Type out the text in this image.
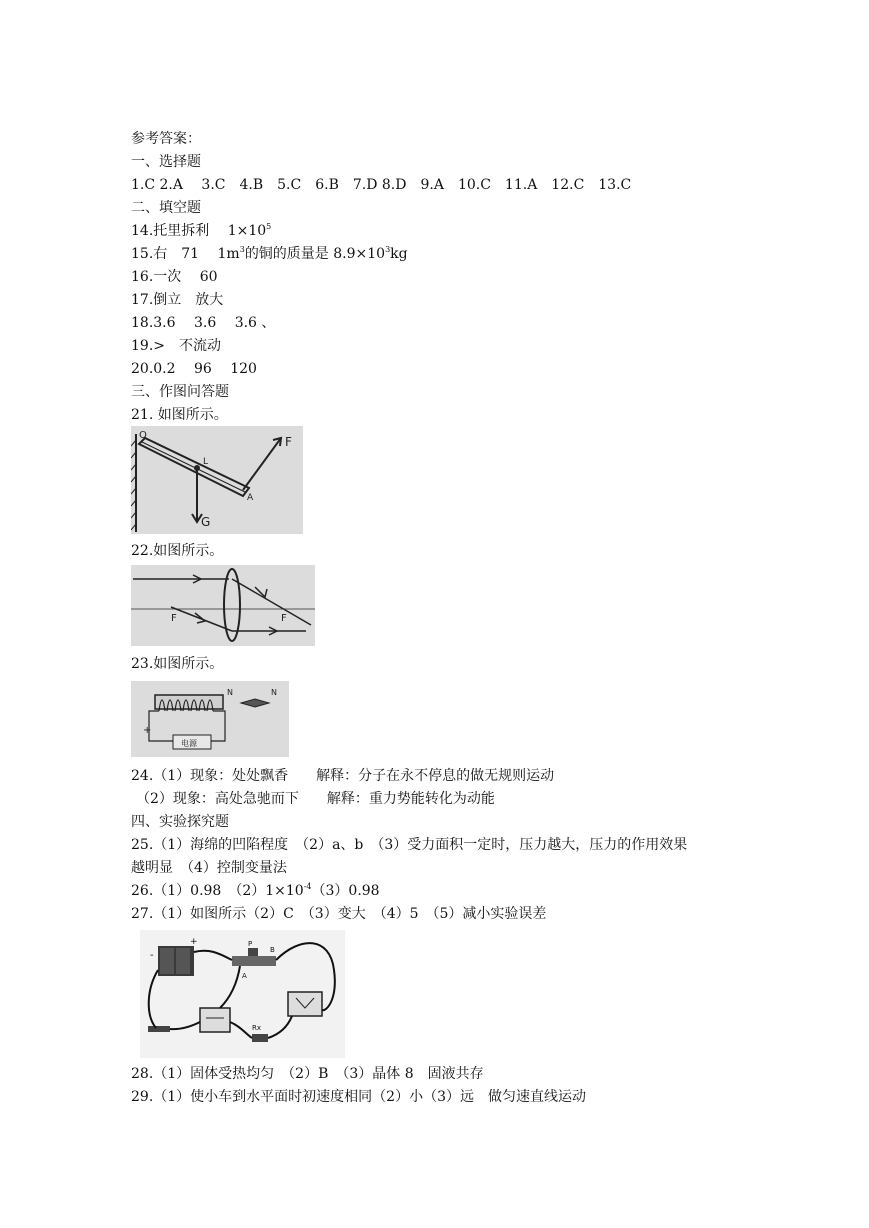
参考答案：
一、选择题
1.C 2.A　 3.C　4.B　5.C　6.B　7.D 8.D　9.A　10.C　11.A　12.C　13.C
二、填空题
14.托里拆利　 $1\times 10^5$
15.右　71　 $1m^3$的铜的质量是 $8.9\times 10^3kg$
16.一次　 60
17.倒立　放大
18.3.6　 3.6　 3.6 、
19.>　不流动
20.0.2　 96　 120
三、作图问答题
21. 如图所示。
O
L
F
G
A
22.如图所示。
F	F
23.如图所示。
电源
+
N	N
24.（1）现象：处处飘香　　解释：分子在永不停息的做无规则运动
（2）现象：高处急驰而下　　解释：重力势能转化为动能
四、实验探究题
25.（1）海绵的凹陷程度　（2）a、b　（3）受力面积一定时，压力越大，压力的作用效果
越明显　（4）控制变量法
26.（1）0.98　$(2)1\times 10^{-4}(3)0.98$
27.（1）如图所示（2）C　（3）变大　（4）5　（5）减小实验误差
+
-
P
B
A
Rx
28.（1）固体受热均匀　（2）B　（3）晶体 8　固液共存
29.（1）使小车到水平面时初速度相同（2）小（3）远　做匀速直线运动
